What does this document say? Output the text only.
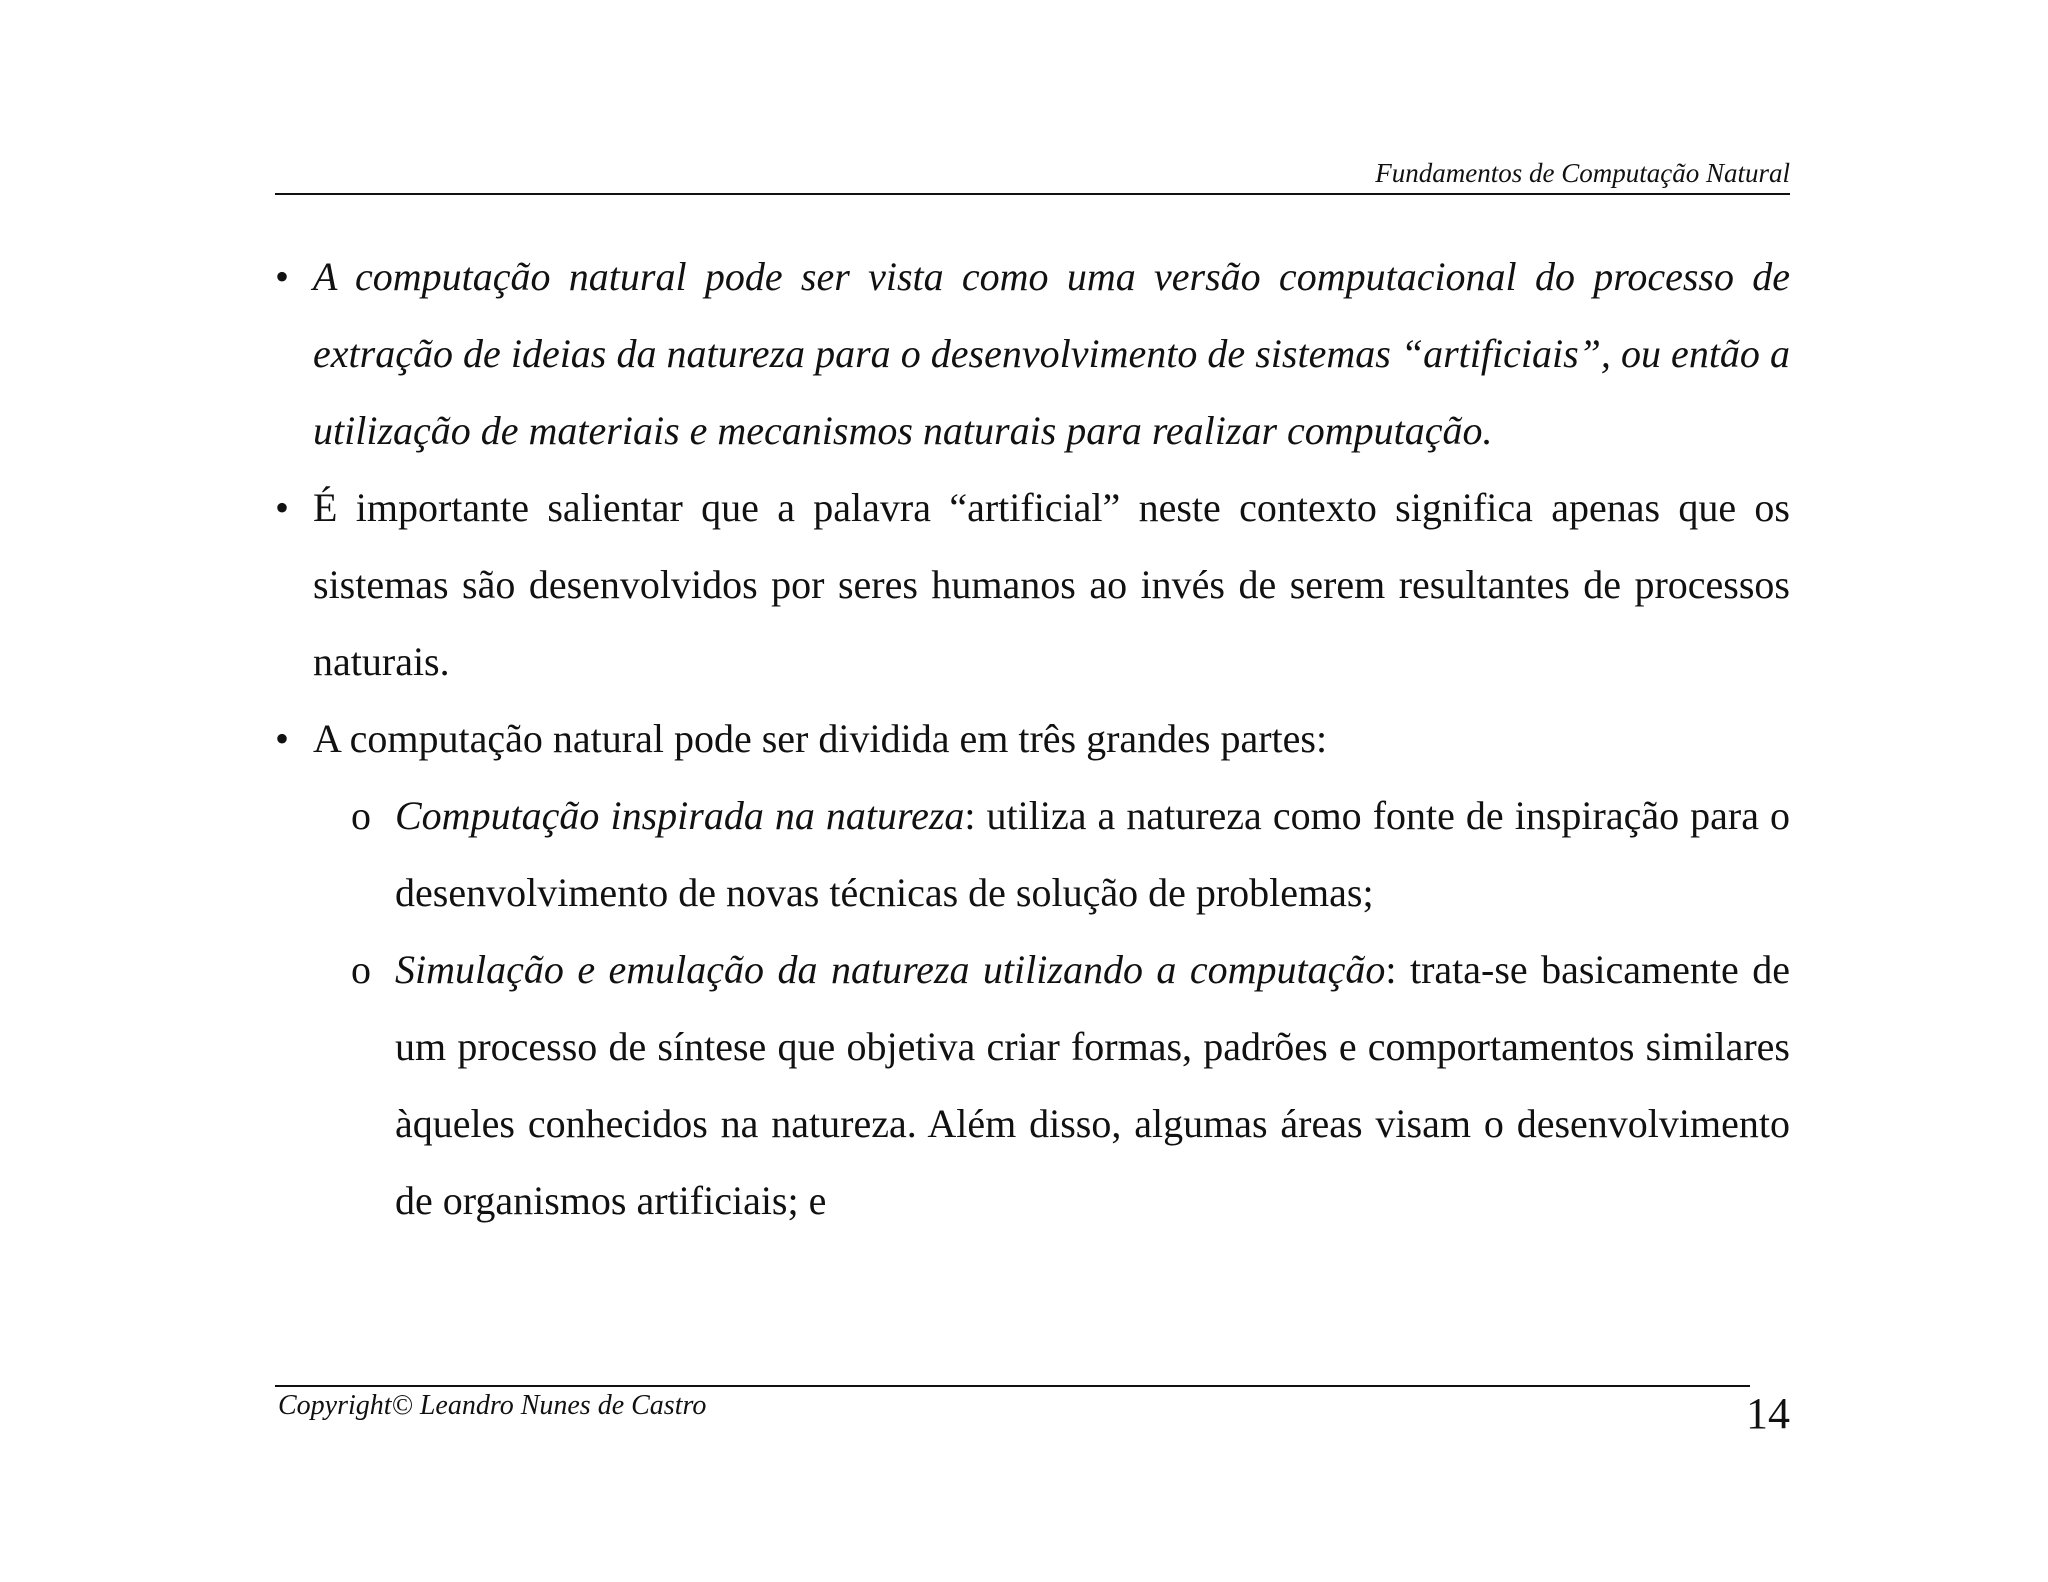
Fundamentos de Computação Natural
• A computação natural pode ser vista como uma versão computacional do processo de extração de ideias da natureza para o desenvolvimento de sistemas “artificiais”, ou então a utilização de materiais e mecanismos naturais para realizar computação.
• É importante salientar que a palavra “artificial” neste contexto significa apenas que os sistemas são desenvolvidos por seres humanos ao invés de serem resultantes de processos naturais.
• A computação natural pode ser dividida em três grandes partes:
o Computação inspirada na natureza: utiliza a natureza como fonte de inspiração para o desenvolvimento de novas técnicas de solução de problemas;
o Simulação e emulação da natureza utilizando a computação: trata-se basicamente de um processo de síntese que objetiva criar formas, padrões e comportamentos similares àqueles conhecidos na natureza. Além disso, algumas áreas visam o desenvolvimento de organismos artificiais; e
Copyright© Leandro Nunes de Castro	14
